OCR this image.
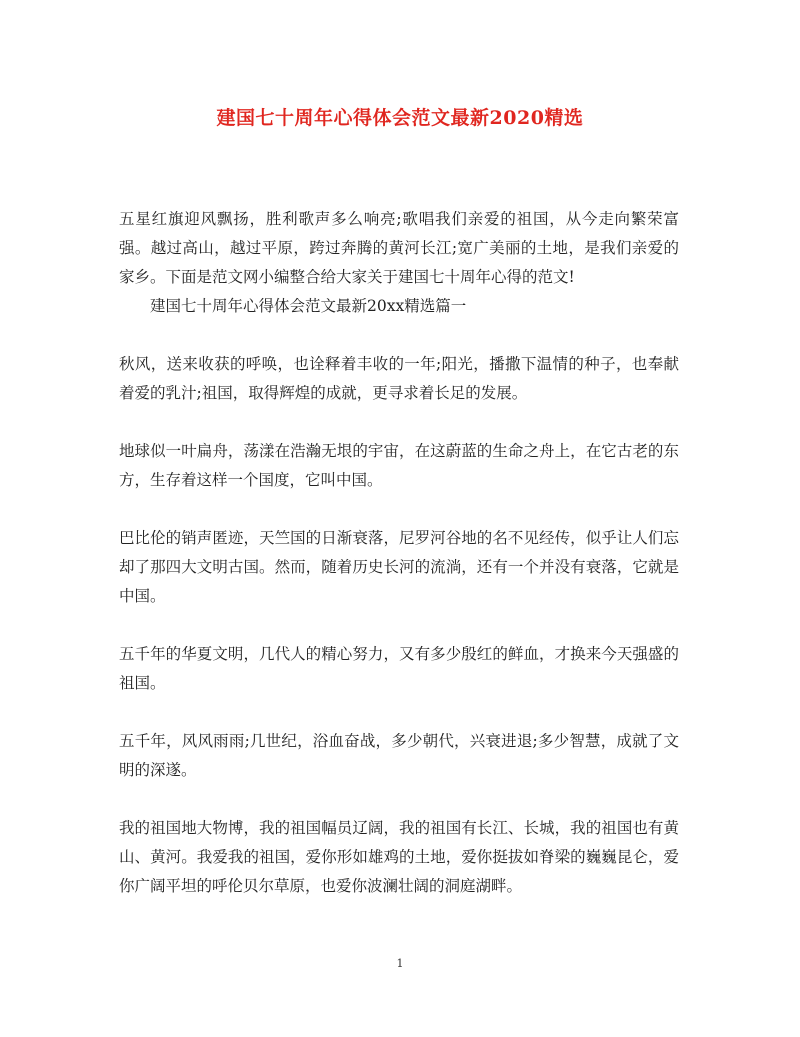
建国七十周年心得体会范文最新2020精选

五星红旗迎风飘扬，胜利歌声多么响亮;歌唱我们亲爱的祖国，从今走向繁荣富强。越过高山，越过平原，跨过奔腾的黄河长江;宽广美丽的土地，是我们亲爱的家乡。下面是范文网小编整合给大家关于建国七十周年心得的范文!

建国七十周年心得体会范文最新20xx精选篇一

秋风，送来收获的呼唤，也诠释着丰收的一年;阳光，播撒下温情的种子，也奉献着爱的乳汁;祖国，取得辉煌的成就，更寻求着长足的发展。

地球似一叶扁舟，荡漾在浩瀚无垠的宇宙，在这蔚蓝的生命之舟上，在它古老的东方，生存着这样一个国度，它叫中国。

巴比伦的销声匿迹，天竺国的日渐衰落，尼罗河谷地的名不见经传，似乎让人们忘却了那四大文明古国。然而，随着历史长河的流淌，还有一个并没有衰落，它就是中国。

五千年的华夏文明，几代人的精心努力，又有多少殷红的鲜血，才换来今天强盛的祖国。

五千年，风风雨雨;几世纪，浴血奋战，多少朝代，兴衰进退;多少智慧，成就了文明的深遂。

我的祖国地大物博，我的祖国幅员辽阔，我的祖国有长江、长城，我的祖国也有黄山、黄河。我爱我的祖国，爱你形如雄鸡的土地，爱你挺拔如脊梁的巍巍昆仑，爱你广阔平坦的呼伦贝尔草原，也爱你波澜壮阔的洞庭湖畔。

1
